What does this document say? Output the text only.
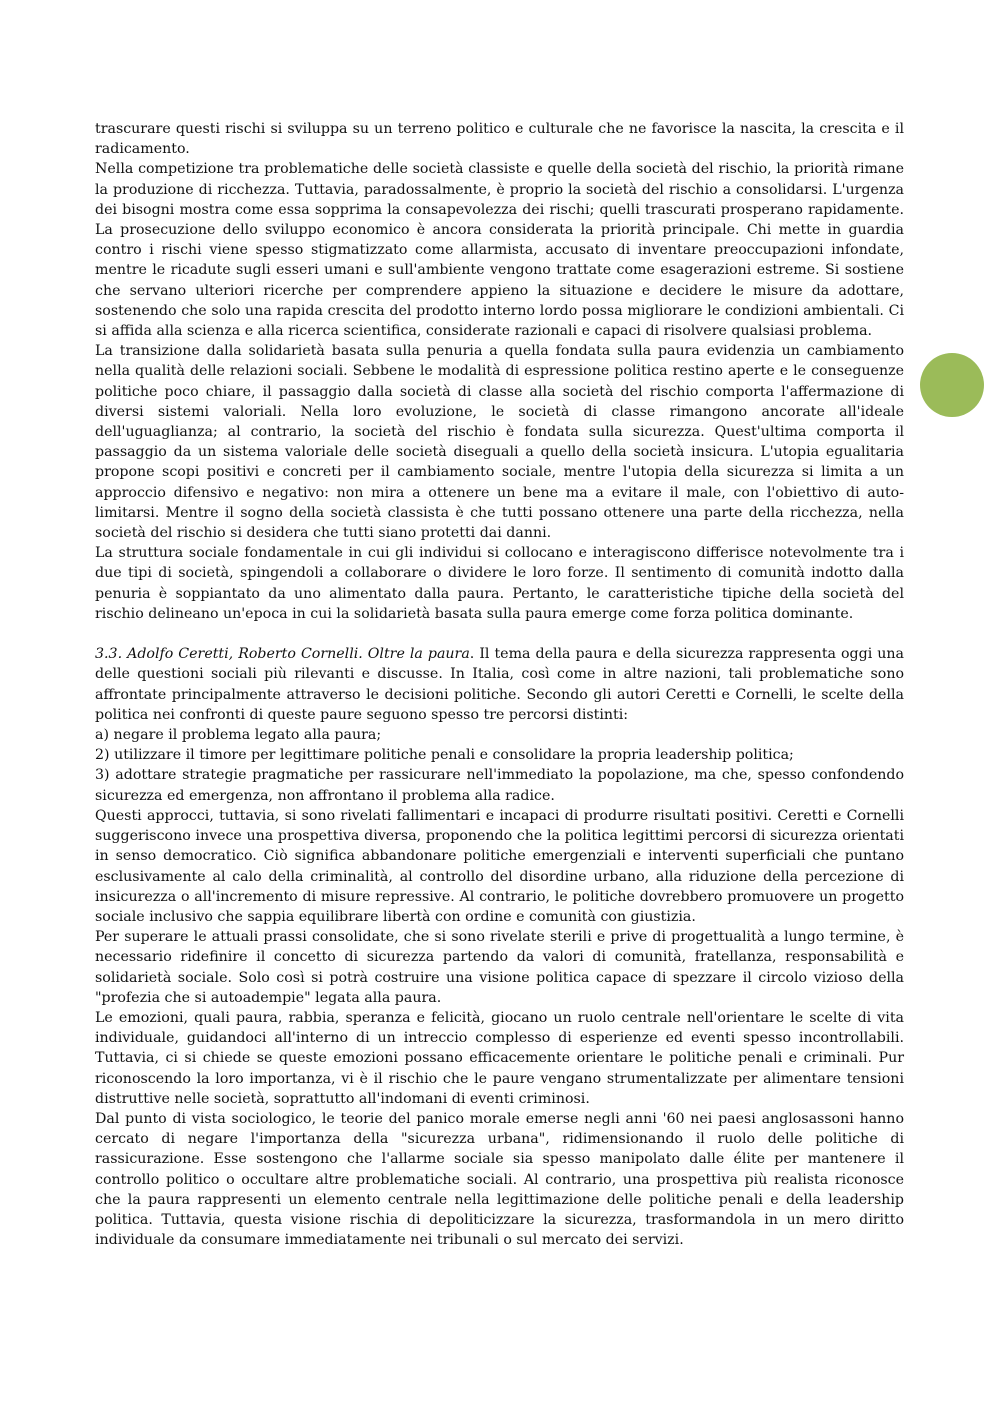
trascurare questi rischi si sviluppa su un terreno politico e culturale che ne favorisce la nascita, la crescita e il radicamento.

Nella competizione tra problematiche delle società classiste e quelle della società del rischio, la priorità rimane la produzione di ricchezza. Tuttavia, paradossalmente, è proprio la società del rischio a consolidarsi. L'urgenza dei bisogni mostra come essa sopprima la consapevolezza dei rischi; quelli trascurati prosperano rapidamente. La prosecuzione dello sviluppo economico è ancora considerata la priorità principale. Chi mette in guardia contro i rischi viene spesso stigmatizzato come allarmista, accusato di inventare preoccupazioni infondate, mentre le ricadute sugli esseri umani e sull'ambiente vengono trattate come esagerazioni estreme. Si sostiene che servano ulteriori ricerche per comprendere appieno la situazione e decidere le misure da adottare, sostenendo che solo una rapida crescita del prodotto interno lordo possa migliorare le condizioni ambientali. Ci si affida alla scienza e alla ricerca scientifica, considerate razionali e capaci di risolvere qualsiasi problema.

La transizione dalla solidarietà basata sulla penuria a quella fondata sulla paura evidenzia un cambiamento nella qualità delle relazioni sociali. Sebbene le modalità di espressione politica restino aperte e le conseguenze politiche poco chiare, il passaggio dalla società di classe alla società del rischio comporta l'affermazione di diversi sistemi valoriali. Nella loro evoluzione, le società di classe rimangono ancorate all'ideale dell'uguaglianza; al contrario, la società del rischio è fondata sulla sicurezza. Quest'ultima comporta il passaggio da un sistema valoriale delle società diseguali a quello della società insicura. L'utopia egualitaria propone scopi positivi e concreti per il cambiamento sociale, mentre l'utopia della sicurezza si limita a un approccio difensivo e negativo: non mira a ottenere un bene ma a evitare il male, con l'obiettivo di auto-limitarsi. Mentre il sogno della società classista è che tutti possano ottenere una parte della ricchezza, nella società del rischio si desidera che tutti siano protetti dai danni.

La struttura sociale fondamentale in cui gli individui si collocano e interagiscono differisce notevolmente tra i due tipi di società, spingendoli a collaborare o dividere le loro forze. Il sentimento di comunità indotto dalla penuria è soppiantato da uno alimentato dalla paura. Pertanto, le caratteristiche tipiche della società del rischio delineano un'epoca in cui la solidarietà basata sulla paura emerge come forza politica dominante.

3.3. Adolfo Ceretti, Roberto Cornelli. Oltre la paura. Il tema della paura e della sicurezza rappresenta oggi una delle questioni sociali più rilevanti e discusse. In Italia, così come in altre nazioni, tali problematiche sono affrontate principalmente attraverso le decisioni politiche. Secondo gli autori Ceretti e Cornelli, le scelte della politica nei confronti di queste paure seguono spesso tre percorsi distinti:

a) negare il problema legato alla paura;
2) utilizzare il timore per legittimare politiche penali e consolidare la propria leadership politica;
3) adottare strategie pragmatiche per rassicurare nell'immediato la popolazione, ma che, spesso confondendo sicurezza ed emergenza, non affrontano il problema alla radice.

Questi approcci, tuttavia, si sono rivelati fallimentari e incapaci di produrre risultati positivi. Ceretti e Cornelli suggeriscono invece una prospettiva diversa, proponendo che la politica legittimi percorsi di sicurezza orientati in senso democratico. Ciò significa abbandonare politiche emergenziali e interventi superficiali che puntano esclusivamente al calo della criminalità, al controllo del disordine urbano, alla riduzione della percezione di insicurezza o all'incremento di misure repressive. Al contrario, le politiche dovrebbero promuovere un progetto sociale inclusivo che sappia equilibrare libertà con ordine e comunità con giustizia.

Per superare le attuali prassi consolidate, che si sono rivelate sterili e prive di progettualità a lungo termine, è necessario ridefinire il concetto di sicurezza partendo da valori di comunità, fratellanza, responsabilità e solidarietà sociale. Solo così si potrà costruire una visione politica capace di spezzare il circolo vizioso della "profezia che si autoadempie" legata alla paura.

Le emozioni, quali paura, rabbia, speranza e felicità, giocano un ruolo centrale nell'orientare le scelte di vita individuale, guidandoci all'interno di un intreccio complesso di esperienze ed eventi spesso incontrollabili. Tuttavia, ci si chiede se queste emozioni possano efficacemente orientare le politiche penali e criminali. Pur riconoscendo la loro importanza, vi è il rischio che le paure vengano strumentalizzate per alimentare tensioni distruttive nelle società, soprattutto all'indomani di eventi criminosi.

Dal punto di vista sociologico, le teorie del panico morale emerse negli anni '60 nei paesi anglosassoni hanno cercato di negare l'importanza della "sicurezza urbana", ridimensionando il ruolo delle politiche di rassicurazione. Esse sostengono che l'allarme sociale sia spesso manipolato dalle élite per mantenere il controllo politico o occultare altre problematiche sociali. Al contrario, una prospettiva più realista riconosce che la paura rappresenti un elemento centrale nella legittimazione delle politiche penali e della leadership politica. Tuttavia, questa visione rischia di depoliticizzare la sicurezza, trasformandola in un mero diritto individuale da consumare immediatamente nei tribunali o sul mercato dei servizi.
